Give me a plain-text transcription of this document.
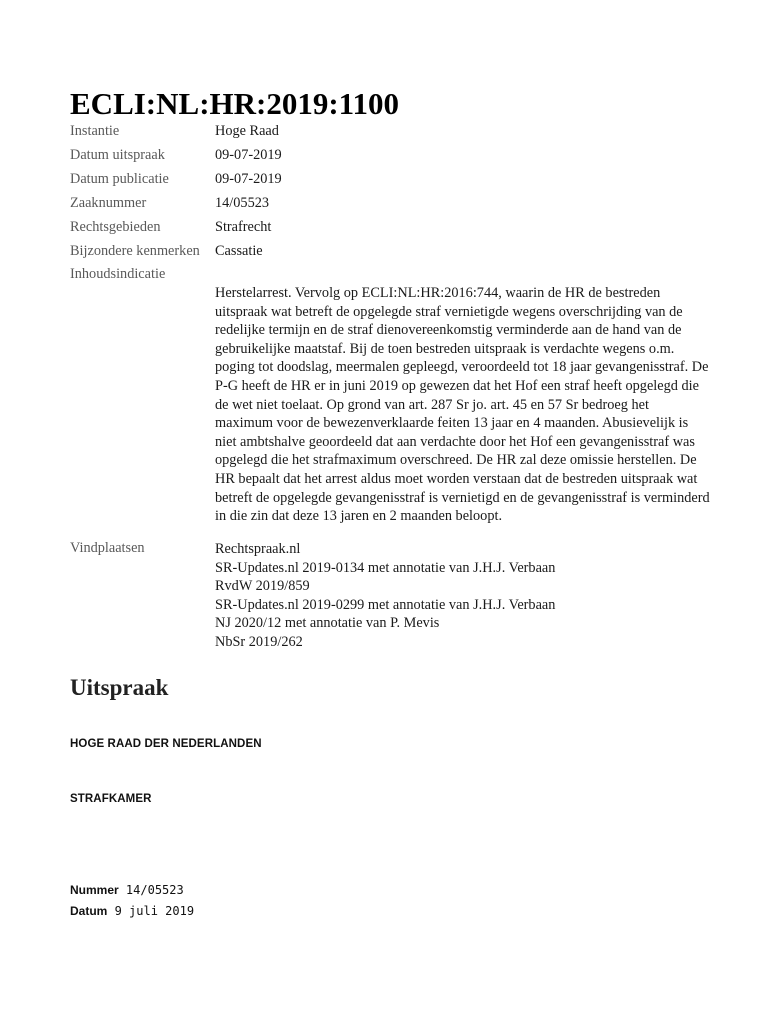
ECLI:NL:HR:2019:1100
Instantie	Hoge Raad
Datum uitspraak	09-07-2019
Datum publicatie	09-07-2019
Zaaknummer	14/05523
Rechtsgebieden	Strafrecht
Bijzondere kenmerken	Cassatie
Inhoudsindicatie

Herstelarrest. Vervolg op ECLI:NL:HR:2016:744, waarin de HR de bestreden uitspraak wat betreft de opgelegde straf vernietigde wegens overschrijding van de redelijke termijn en de straf dienovereenkomstig verminderde aan de hand van de gebruikelijke maatstaf. Bij de toen bestreden uitspraak is verdachte wegens o.m. poging tot doodslag, meermalen gepleegd, veroordeeld tot 18 jaar gevangenisstraf. De P-G heeft de HR er in juni 2019 op gewezen dat het Hof een straf heeft opgelegd die de wet niet toelaat. Op grond van art. 287 Sr jo. art. 45 en 57 Sr bedroeg het maximum voor de bewezenverklaarde feiten 13 jaar en 4 maanden. Abusievelijk is niet ambtshalve geoordeeld dat aan verdachte door het Hof een gevangenisstraf was opgelegd die het strafmaximum overschreed. De HR zal deze omissie herstellen. De HR bepaalt dat het arrest aldus moet worden verstaan dat de bestreden uitspraak wat betreft de opgelegde gevangenisstraf is vernietigd en de gevangenisstraf is verminderd in die zin dat deze 13 jaren en 2 maanden beloopt.

Vindplaatsen	Rechtspraak.nl
SR-Updates.nl 2019-0134 met annotatie van J.H.J. Verbaan
RvdW 2019/859
SR-Updates.nl 2019-0299 met annotatie van J.H.J. Verbaan
NJ 2020/12 met annotatie van P. Mevis
NbSr 2019/262
Uitspraak
HOGE RAAD DER NEDERLANDEN
STRAFKAMER
Nummer 14/05523
Datum 9 juli 2019
